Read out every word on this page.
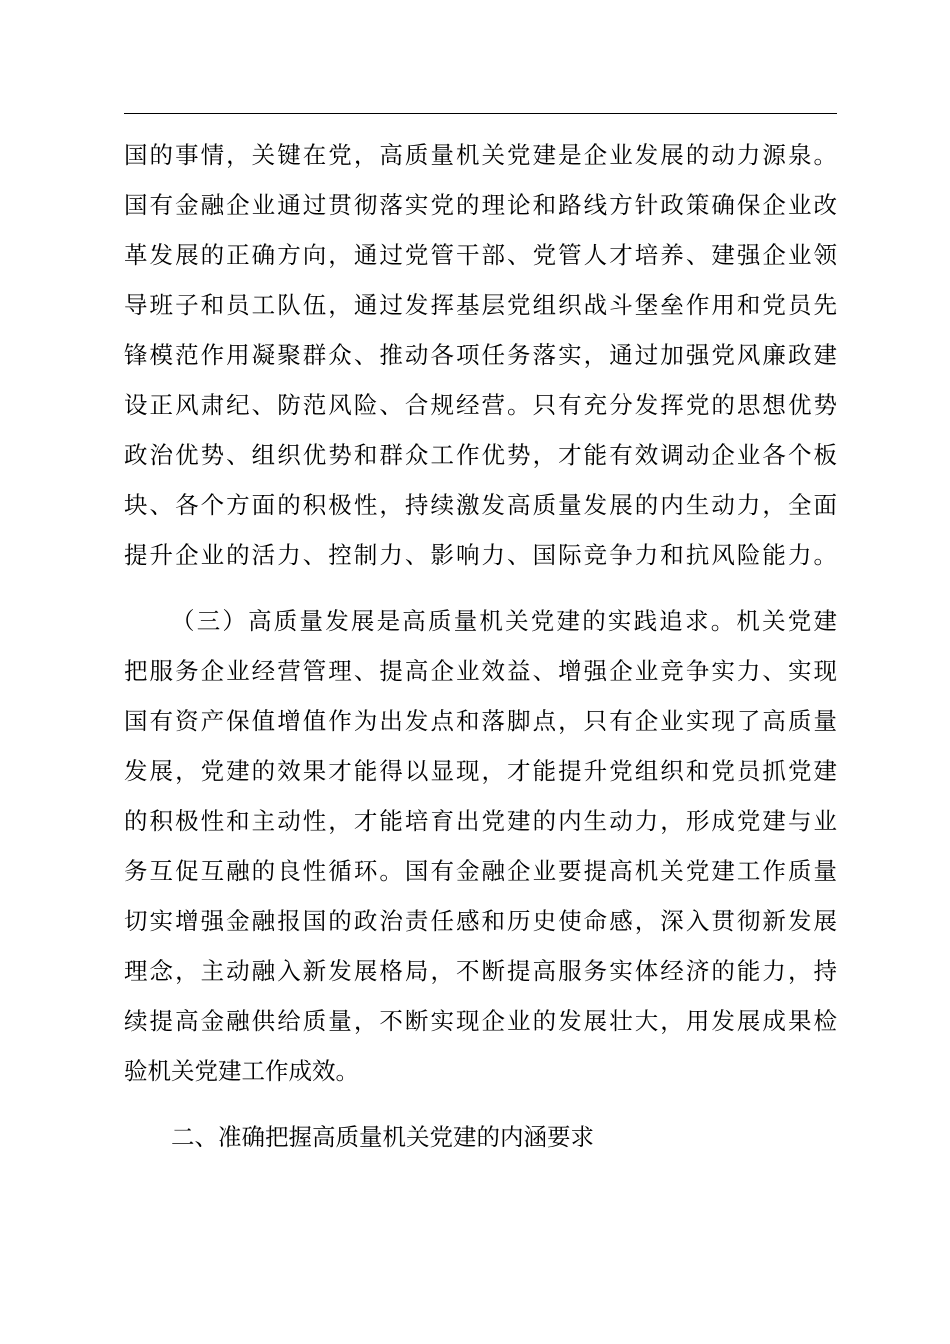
国的事情，关键在党，高质量机关党建是企业发展的动力源泉。
国有金融企业通过贯彻落实党的理论和路线方针政策确保企业改
革发展的正确方向，通过党管干部、党管人才培养、建强企业领
导班子和员工队伍，通过发挥基层党组织战斗堡垒作用和党员先
锋模范作用凝聚群众、推动各项任务落实，通过加强党风廉政建
设正风肃纪、防范风险、合规经营。只有充分发挥党的思想优势
政治优势、组织优势和群众工作优势，才能有效调动企业各个板
块、各个方面的积极性，持续激发高质量发展的内生动力，全面
提升企业的活力、控制力、影响力、国际竞争力和抗风险能力。
（三）高质量发展是高质量机关党建的实践追求。机关党建
把服务企业经营管理、提高企业效益、增强企业竞争实力、实现
国有资产保值增值作为出发点和落脚点，只有企业实现了高质量
发展，党建的效果才能得以显现，才能提升党组织和党员抓党建
的积极性和主动性，才能培育出党建的内生动力，形成党建与业
务互促互融的良性循环。国有金融企业要提高机关党建工作质量
切实增强金融报国的政治责任感和历史使命感，深入贯彻新发展
理念，主动融入新发展格局，不断提高服务实体经济的能力，持
续提高金融供给质量，不断实现企业的发展壮大，用发展成果检
验机关党建工作成效。
二、准确把握高质量机关党建的内涵要求
